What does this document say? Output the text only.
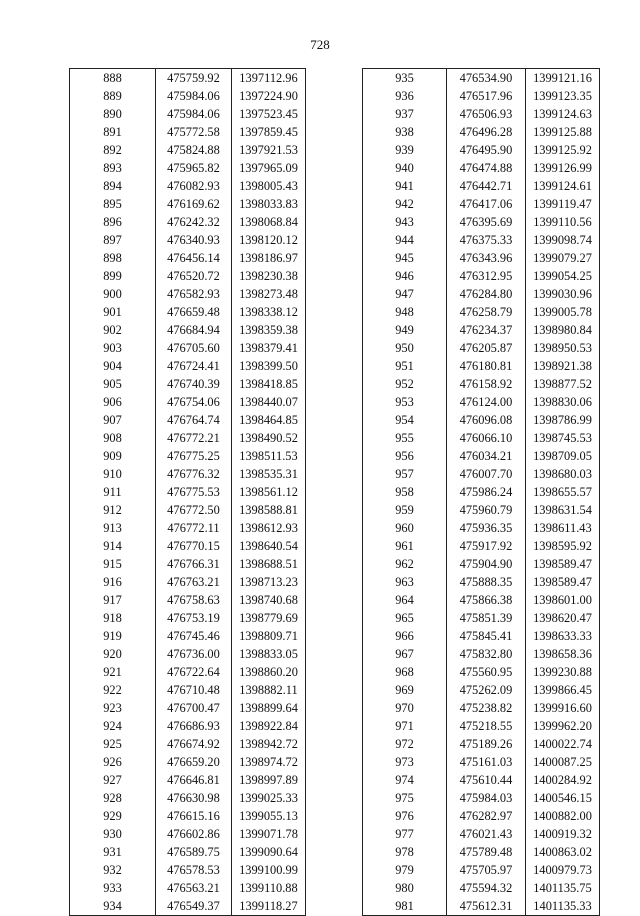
728
888	475759.92	1397112.96
889	475984.06	1397224.90
890	475984.06	1397523.45
891	475772.58	1397859.45
892	475824.88	1397921.53
893	475965.82	1397965.09
894	476082.93	1398005.43
895	476169.62	1398033.83
896	476242.32	1398068.84
897	476340.93	1398120.12
898	476456.14	1398186.97
899	476520.72	1398230.38
900	476582.93	1398273.48
901	476659.48	1398338.12
902	476684.94	1398359.38
903	476705.60	1398379.41
904	476724.41	1398399.50
905	476740.39	1398418.85
906	476754.06	1398440.07
907	476764.74	1398464.85
908	476772.21	1398490.52
909	476775.25	1398511.53
910	476776.32	1398535.31
911	476775.53	1398561.12
912	476772.50	1398588.81
913	476772.11	1398612.93
914	476770.15	1398640.54
915	476766.31	1398688.51
916	476763.21	1398713.23
917	476758.63	1398740.68
918	476753.19	1398779.69
919	476745.46	1398809.71
920	476736.00	1398833.05
921	476722.64	1398860.20
922	476710.48	1398882.11
923	476700.47	1398899.64
924	476686.93	1398922.84
925	476674.92	1398942.72
926	476659.20	1398974.72
927	476646.81	1398997.89
928	476630.98	1399025.33
929	476615.16	1399055.13
930	476602.86	1399071.78
931	476589.75	1399090.64
932	476578.53	1399100.99
933	476563.21	1399110.88
934	476549.37	1399118.27
935	476534.90	1399121.16
936	476517.96	1399123.35
937	476506.93	1399124.63
938	476496.28	1399125.88
939	476495.90	1399125.92
940	476474.88	1399126.99
941	476442.71	1399124.61
942	476417.06	1399119.47
943	476395.69	1399110.56
944	476375.33	1399098.74
945	476343.96	1399079.27
946	476312.95	1399054.25
947	476284.80	1399030.96
948	476258.79	1399005.78
949	476234.37	1398980.84
950	476205.87	1398950.53
951	476180.81	1398921.38
952	476158.92	1398877.52
953	476124.00	1398830.06
954	476096.08	1398786.99
955	476066.10	1398745.53
956	476034.21	1398709.05
957	476007.70	1398680.03
958	475986.24	1398655.57
959	475960.79	1398631.54
960	475936.35	1398611.43
961	475917.92	1398595.92
962	475904.90	1398589.47
963	475888.35	1398589.47
964	475866.38	1398601.00
965	475851.39	1398620.47
966	475845.41	1398633.33
967	475832.80	1398658.36
968	475560.95	1399230.88
969	475262.09	1399866.45
970	475238.82	1399916.60
971	475218.55	1399962.20
972	475189.26	1400022.74
973	475161.03	1400087.25
974	475610.44	1400284.92
975	475984.03	1400546.15
976	476282.97	1400882.00
977	476021.43	1400919.32
978	475789.48	1400863.02
979	475705.97	1400979.73
980	475594.32	1401135.75
981	475612.31	1401135.33
